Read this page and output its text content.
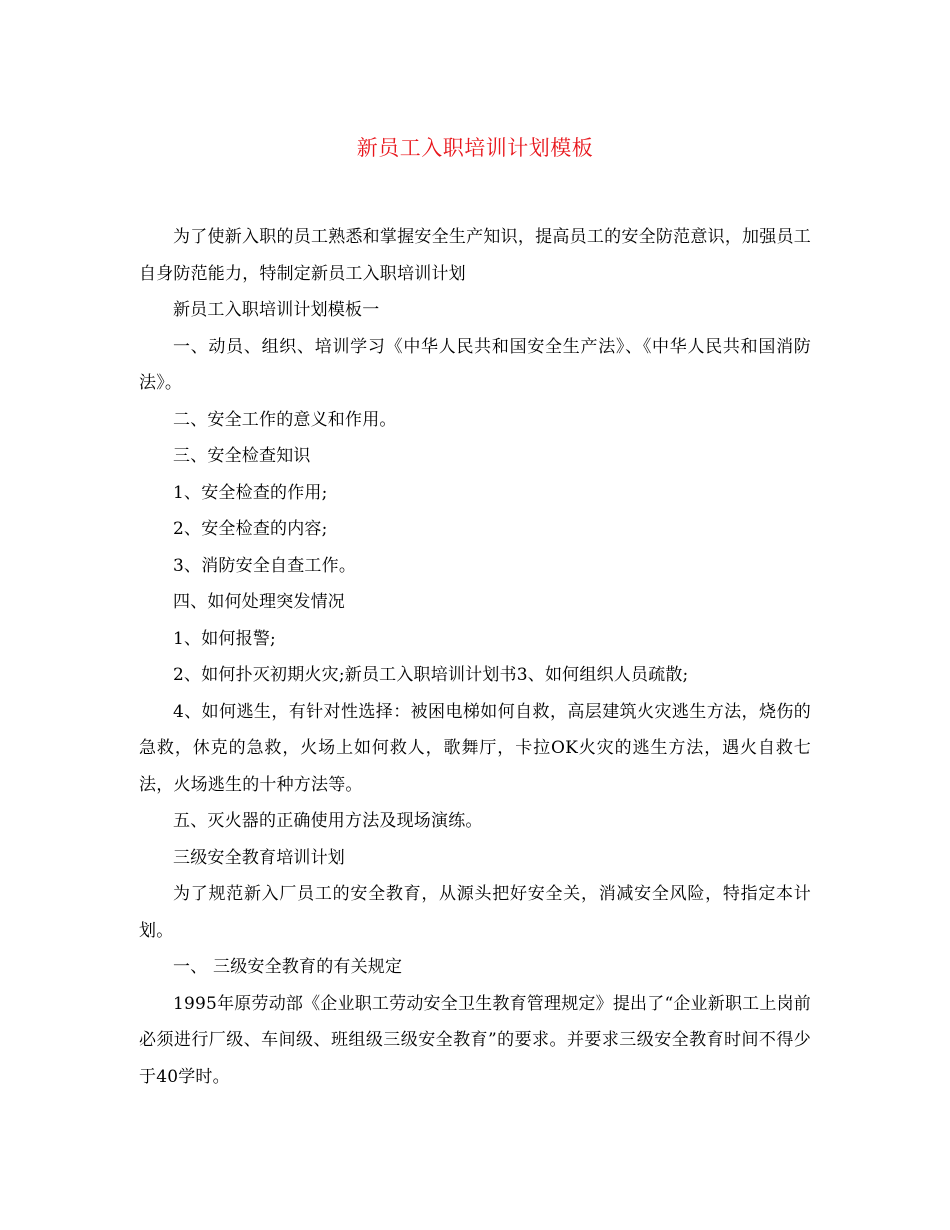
新员工入职培训计划模板

为了使新入职的员工熟悉和掌握安全生产知识，提高员工的安全防范意识，加强员工自身防范能力，特制定新员工入职培训计划

新员工入职培训计划模板一

一、动员、组织、培训学习《中华人民共和国安全生产法》、《中华人民共和国消防法》。

二、安全工作的意义和作用。

三、安全检查知识

1、安全检查的作用;

2、安全检查的内容;

3、消防安全自查工作。

四、如何处理突发情况

1、如何报警;

2、如何扑灭初期火灾;新员工入职培训计划书3、如何组织人员疏散;

4、如何逃生，有针对性选择：被困电梯如何自救，高层建筑火灾逃生方法，烧伤的急救，休克的急救，火场上如何救人，歌舞厅，卡拉OK火灾的逃生方法，遇火自救七法，火场逃生的十种方法等。

五、灭火器的正确使用方法及现场演练。

三级安全教育培训计划

为了规范新入厂员工的安全教育，从源头把好安全关，消减安全风险，特指定本计划。

一、 三级安全教育的有关规定

1995年原劳动部《企业职工劳动安全卫生教育管理规定》提出了“企业新职工上岗前必须进行厂级、车间级、班组级三级安全教育”的要求。并要求三级安全教育时间不得少于40学时。
